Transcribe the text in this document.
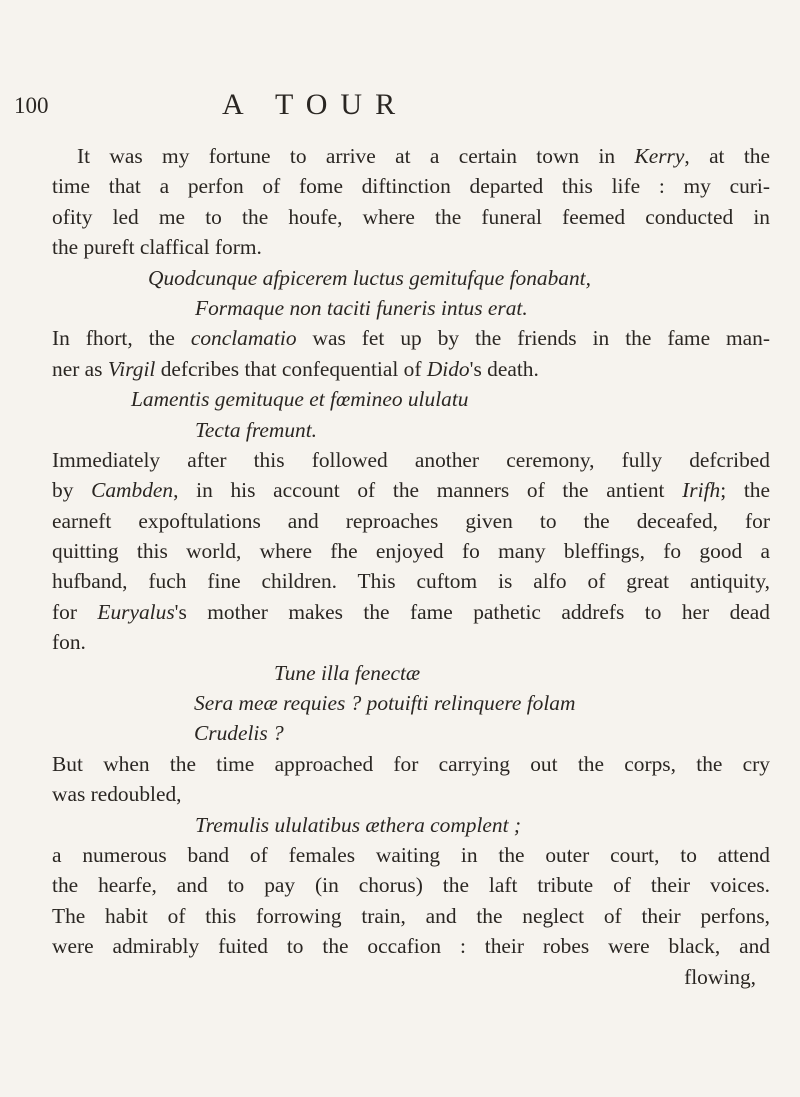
100	A TOUR
It was my fortune to arrive at a certain town in Kerry, at the
time that a perfon of fome diftinction departed this life : my curi-
ofity led me to the houfe, where the funeral feemed conducted in
the pureft claffical form.
Quodcunque afpicerem luctus gemitufque fonabant,
Formaque non taciti funeris intus erat.
In fhort, the conclamatio was fet up by the friends in the fame man-
ner as Virgil defcribes that confequential of Dido's death.
Lamentis gemituque et fœmineo ululatu
Tecta fremunt.
Immediately after this followed another ceremony, fully defcribed
by Cambden, in his account of the manners of the antient Irifh; the
earneft expoftulations and reproaches given to the deceafed, for
quitting this world, where fhe enjoyed fo many bleffings, fo good a
hufband, fuch fine children. This cuftom is alfo of great antiquity,
for Euryalus's mother makes the fame pathetic addrefs to her dead
fon.
Tune illa fenectæ
Sera meæ requies ? potuifti relinquere folam
Crudelis ?
But when the time approached for carrying out the corps, the cry
was redoubled,
Tremulis ululatibus æthera complent ;
a numerous band of females waiting in the outer court, to attend
the hearfe, and to pay (in chorus) the laft tribute of their voices.
The habit of this forrowing train, and the neglect of their perfons,
were admirably fuited to the occafion : their robes were black, and
flowing,
